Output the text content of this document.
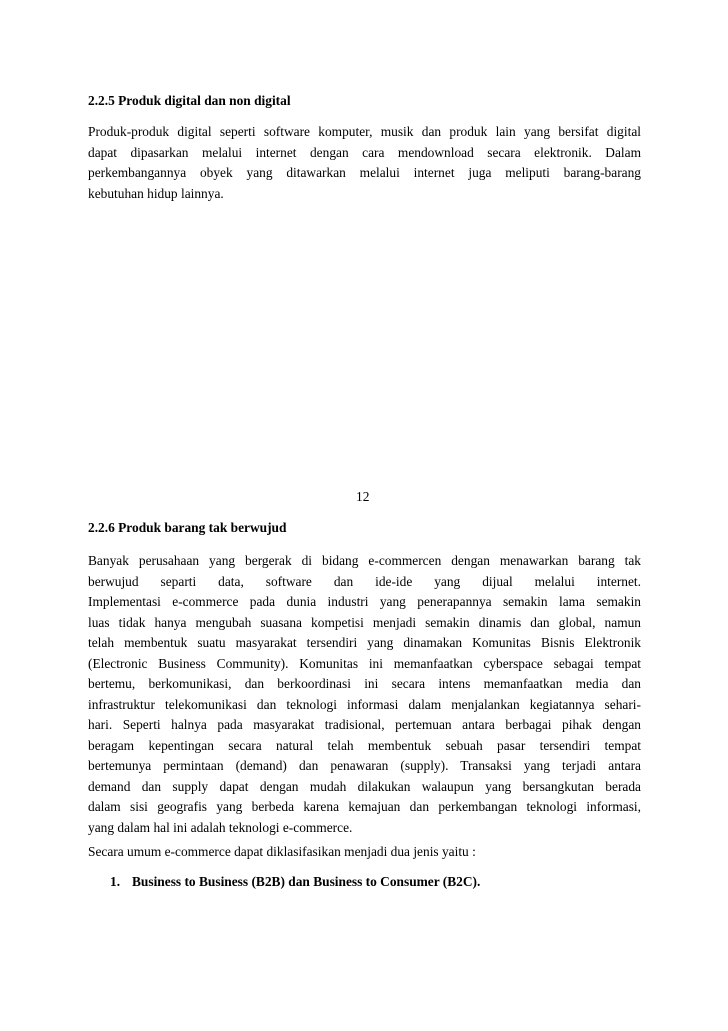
2.2.5 Produk digital dan non digital
Produk-produk digital seperti software komputer, musik dan produk lain yang bersifat digital
dapat dipasarkan melalui internet dengan cara mendownload secara elektronik. Dalam
perkembangannya obyek yang ditawarkan melalui internet juga meliputi barang-barang
kebutuhan hidup lainnya.
12
2.2.6 Produk barang tak berwujud
Banyak perusahaan yang bergerak di bidang e-commercen dengan menawarkan barang tak
berwujud separti data, software dan ide-ide yang dijual melalui internet.
Implementasi e-commerce pada dunia industri yang penerapannya semakin lama semakin
luas tidak hanya mengubah suasana kompetisi menjadi semakin dinamis dan global, namun
telah membentuk suatu masyarakat tersendiri yang dinamakan Komunitas Bisnis Elektronik
(Electronic Business Community). Komunitas ini memanfaatkan cyberspace sebagai tempat
bertemu, berkomunikasi, dan berkoordinasi ini secara intens memanfaatkan media dan
infrastruktur telekomunikasi dan teknologi informasi dalam menjalankan kegiatannya sehari-
hari. Seperti halnya pada masyarakat tradisional, pertemuan antara berbagai pihak dengan
beragam kepentingan secara natural telah membentuk sebuah pasar tersendiri tempat
bertemunya permintaan (demand) dan penawaran (supply). Transaksi yang terjadi antara
demand dan supply dapat dengan mudah dilakukan walaupun yang bersangkutan berada
dalam sisi geografis yang berbeda karena kemajuan dan perkembangan teknologi informasi,
yang dalam hal ini adalah teknologi e-commerce.
Secara umum e-commerce dapat diklasifasikan menjadi dua jenis yaitu :
1. Business to Business (B2B) dan Business to Consumer (B2C).
